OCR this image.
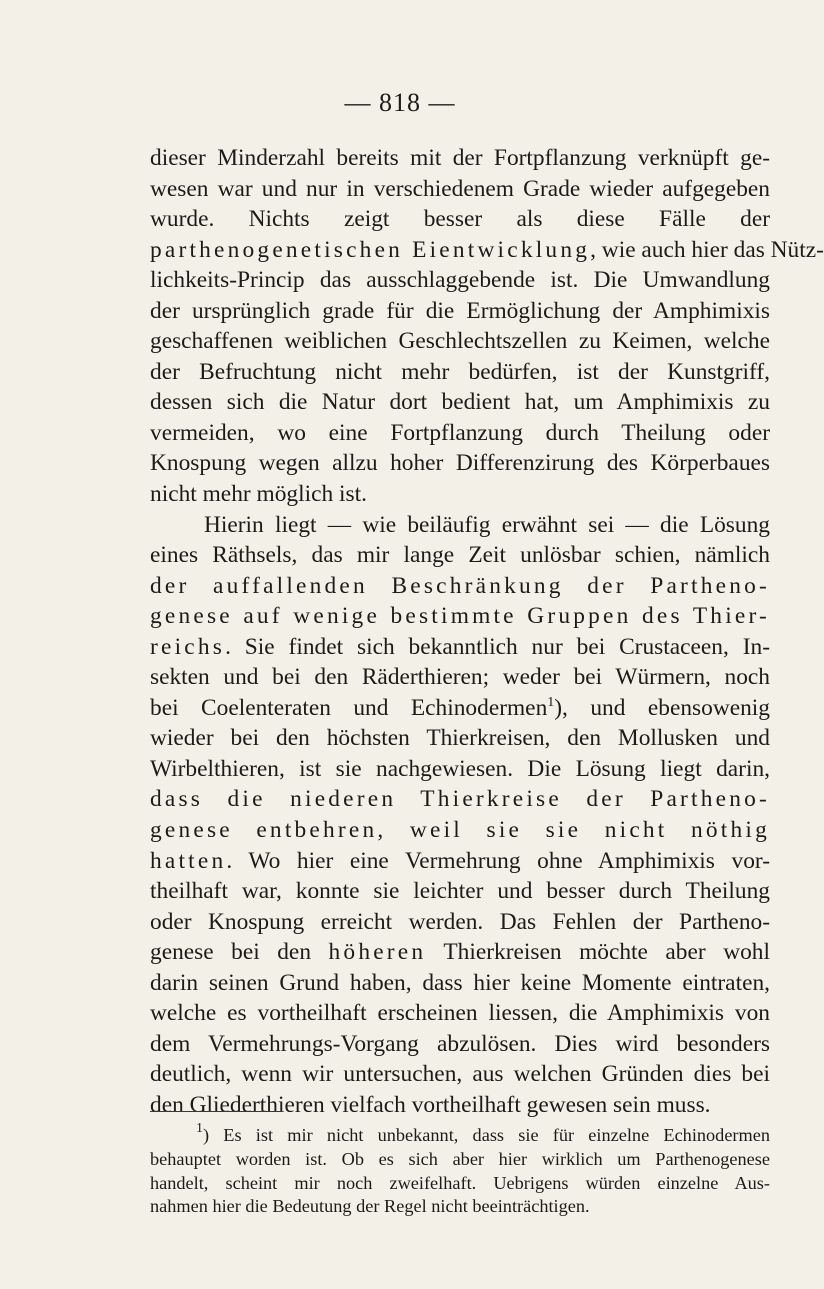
— 818 —
dieser Minderzahl bereits mit der Fortpflanzung verknüpft ge-
wesen war und nur in verschiedenem Grade wieder aufgegeben
wurde. Nichts zeigt besser als diese Fälle der
parthenogenetischen Eientwicklung, wie auch hier das Nütz-
lichkeits-Princip das ausschlaggebende ist. Die Umwandlung
der ursprünglich grade für die Ermöglichung der Amphimixis
geschaffenen weiblichen Geschlechtszellen zu Keimen, welche
der Befruchtung nicht mehr bedürfen, ist der Kunstgriff,
dessen sich die Natur dort bedient hat, um Amphimixis zu
vermeiden, wo eine Fortpflanzung durch Theilung oder
Knospung wegen allzu hoher Differenzirung des Körperbaues
nicht mehr möglich ist.
Hierin liegt — wie beiläufig erwähnt sei — die Lösung
eines Räthsels, das mir lange Zeit unlösbar schien, nämlich
der auffallenden Beschränkung der Partheno-
genese auf wenige bestimmte Gruppen des Thier-
reichs. Sie findet sich bekanntlich nur bei Crustaceen, In-
sekten und bei den Räderthieren; weder bei Würmern, noch
bei Coelenteraten und Echinodermen$^1$), und ebensowenig
wieder bei den höchsten Thierkreisen, den Mollusken und
Wirbelthieren, ist sie nachgewiesen. Die Lösung liegt darin,
dass die niederen Thierkreise der Partheno-
genese entbehren, weil sie sie nicht nöthig
hatten. Wo hier eine Vermehrung ohne Amphimixis vor-
theilhaft war, konnte sie leichter und besser durch Theilung
oder Knospung erreicht werden. Das Fehlen der Partheno-
genese bei den höheren Thierkreisen möchte aber wohl
darin seinen Grund haben, dass hier keine Momente eintraten,
welche es vortheilhaft erscheinen liessen, die Amphimixis von
dem Vermehrungs-Vorgang abzulösen. Dies wird besonders
deutlich, wenn wir untersuchen, aus welchen Gründen dies bei
den Gliederthieren vielfach vortheilhaft gewesen sein muss.
$^1$) Es ist mir nicht unbekannt, dass sie für einzelne Echinodermen
behauptet worden ist. Ob es sich aber hier wirklich um Parthenogenese
handelt, scheint mir noch zweifelhaft. Uebrigens würden einzelne Aus-
nahmen hier die Bedeutung der Regel nicht beeinträchtigen.
